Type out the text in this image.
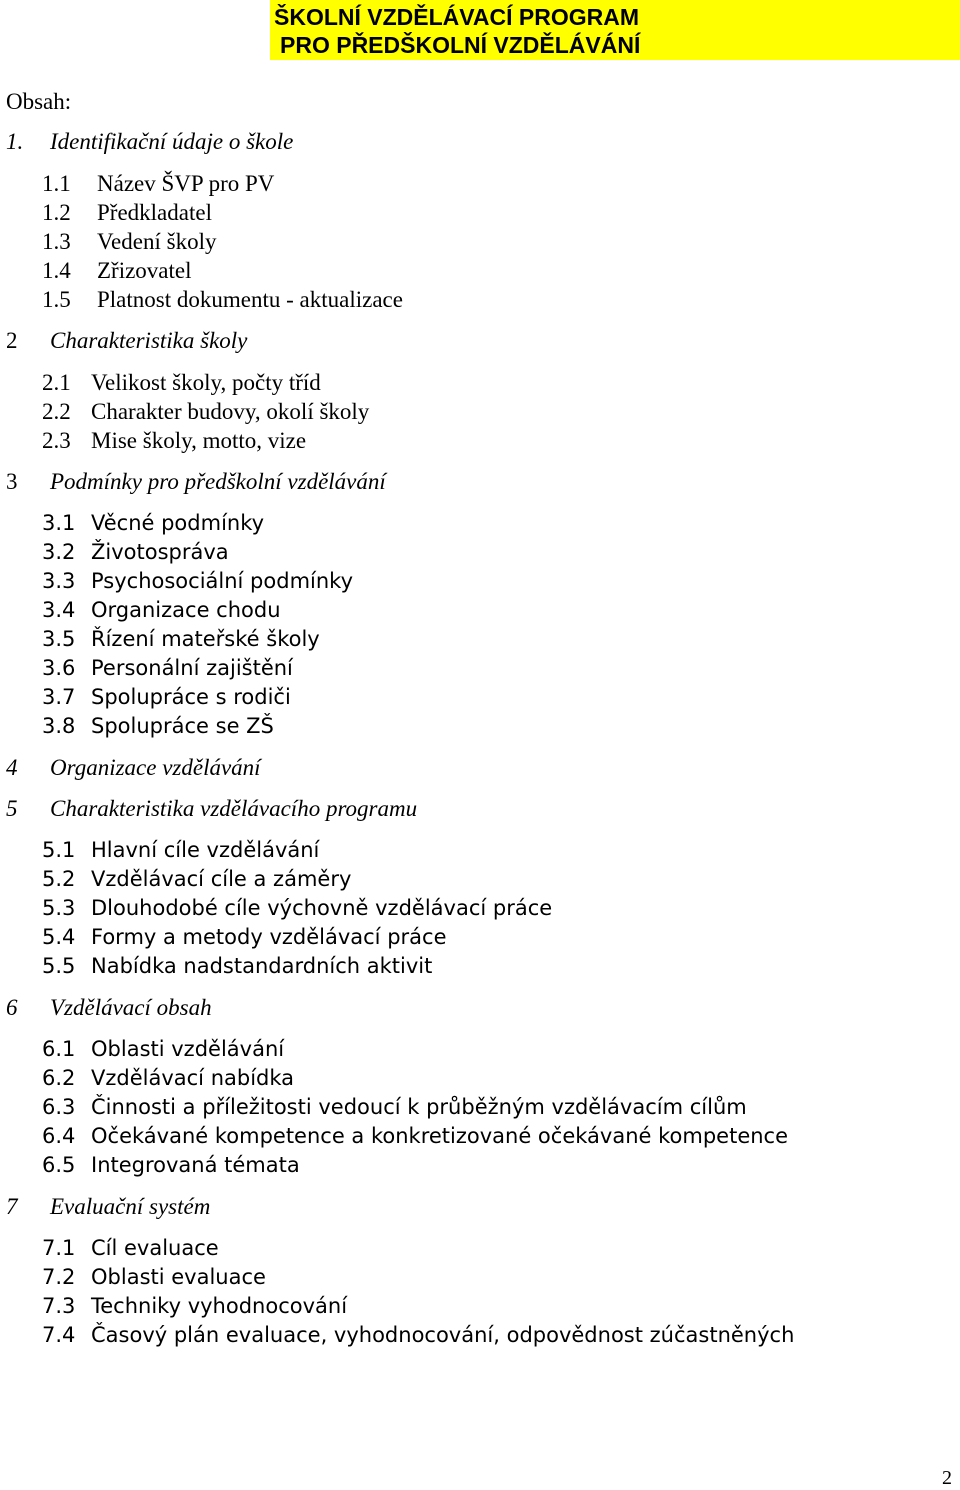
ŠKOLNÍ VZDĚLÁVACÍ PROGRAM
PRO PŘEDŠKOLNÍ VZDĚLÁVÁNÍ
Obsah:
1. Identifikační údaje o škole
1.1 Název ŠVP pro PV
1.2 Předkladatel
1.3 Vedení školy
1.4 Zřizovatel
1.5 Platnost dokumentu - aktualizace
2 Charakteristika školy
2.1 Velikost školy, počty tříd
2.2 Charakter budovy, okolí školy
2.3 Mise školy, motto, vize
3 Podmínky pro předškolní vzdělávání
3.1 Věcné podmínky
3.2 Životospráva
3.3 Psychosociální podmínky
3.4 Organizace chodu
3.5 Řízení mateřské školy
3.6 Personální zajištění
3.7 Spolupráce s rodiči
3.8 Spolupráce se ZŠ
4 Organizace vzdělávání
5 Charakteristika vzdělávacího programu
5.1 Hlavní cíle vzdělávání
5.2 Vzdělávací cíle a záměry
5.3 Dlouhodobé cíle výchovně vzdělávací práce
5.4 Formy a metody vzdělávací práce
5.5 Nabídka nadstandardních aktivit
6 Vzdělávací obsah
6.1 Oblasti vzdělávání
6.2 Vzdělávací nabídka
6.3 Činnosti a příležitosti vedoucí k průběžným vzdělávacím cílům
6.4 Očekávané kompetence a konkretizované očekávané kompetence
6.5 Integrovaná témata
7 Evaluační systém
7.1 Cíl evaluace
7.2 Oblasti evaluace
7.3 Techniky vyhodnocování
7.4 Časový plán evaluace, vyhodnocování, odpovědnost zúčastněných
2
